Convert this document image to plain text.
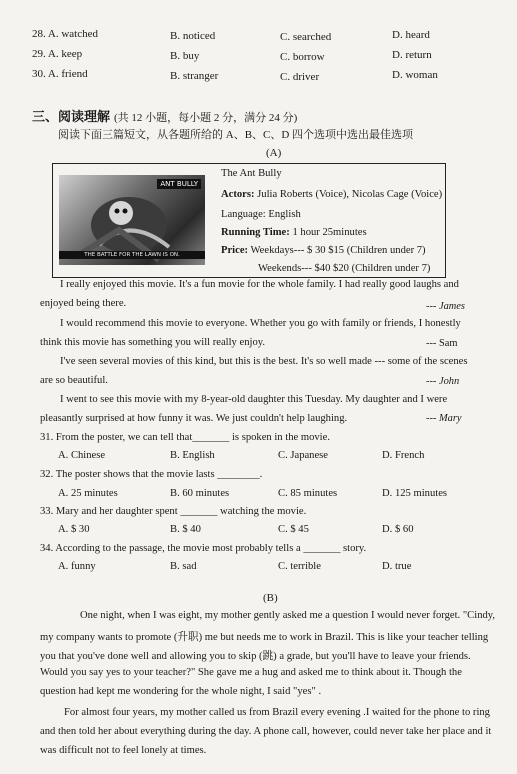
28. A. watched	B. noticed	C. searched	D. heard
29. A. keep	B. buy	C. borrow	D. return
30. A. friend	B. stranger	C. driver	D. woman
三、阅读理解 (共 12 小题，每小题 2 分，满分 24 分)
阅读下面三篇短文，从各题所给的 A、B、C、D 四个选项中选出最佳选项
(A)
ANT BULLY
THE BATTLE FOR THE LAWN IS ON.
The Ant Bully
Actors: Julia Roberts (Voice), Nicolas Cage (Voice)
Language: English
Running Time: 1 hour 25minutes
Price: Weekdays--- $ 30 $15 (Children under 7)
Weekends--- $40 $20 (Children under 7)
I really enjoyed this movie. It's a fun movie for the whole family. I had really good laughs and
enjoyed being there.	--- James
I would recommend this movie to everyone. Whether you go with family or friends, I honestly
think this movie has something you will really enjoy.	--- Sam
I've seen several movies of this kind, but this is the best. It's so well made --- some of the scenes
are so beautiful.	--- John
I went to see this movie with my 8-year-old daughter this Tuesday. My daughter and I were
pleasantly surprised at how funny it was. We just couldn't help laughing.	--- Mary
31. From the poster, we can tell that_______ is spoken in the movie.
A. Chinese	B. English	C. Japanese	D. French
32. The poster shows that the movie lasts ________.
A. 25 minutes	B. 60 minutes	C. 85 minutes	D. 125 minutes
33. Mary and her daughter spent _______ watching the movie.
A. $ 30	B. $ 40	C. $ 45	D. $ 60
34. According to the passage, the movie most probably tells a _______ story.
A. funny	B. sad	C. terrible	D. true
(B)
One night, when I was eight, my mother gently asked me a question I would never forget. "Cindy,
my company wants to promote (升职) me but needs me to work in Brazil. This is like your teacher telling
you that you've done well and allowing you to skip (跳) a grade, but you'll have to leave your friends.
Would you say yes to your teacher?" She gave me a hug and asked me to think about it. Though the
question had kept me wondering for the whole night, I said "yes" .
For almost four years, my mother called us from Brazil every evening .I waited for the phone to ring
and then told her about everything during the day. A phone call, however, could never take her place and it
was difficult not to feel lonely at times.
